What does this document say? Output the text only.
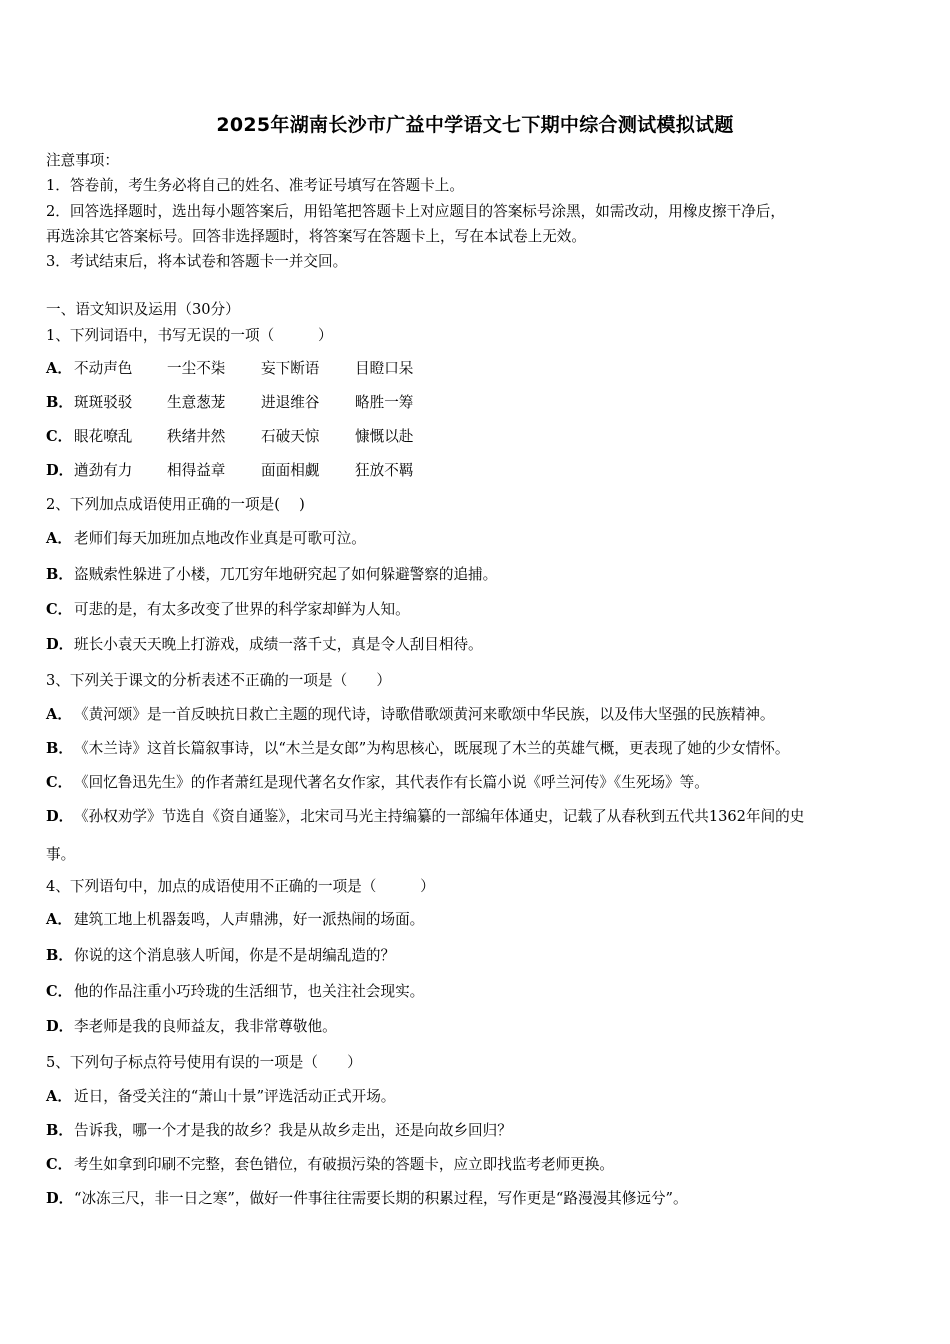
2025年湖南长沙市广益中学语文七下期中综合测试模拟试题
注意事项：
1．答卷前，考生务必将自己的姓名、准考证号填写在答题卡上。
2．回答选择题时，选出每小题答案后，用铅笔把答题卡上对应题目的答案标号涂黑，如需改动，用橡皮擦干净后，
再选涂其它答案标号。回答非选择题时，将答案写在答题卡上，写在本试卷上无效。
3．考试结束后，将本试卷和答题卡一并交回。
一、语文知识及运用（30分）
1、下列词语中，书写无误的一项（　　　）
A． 不动声色 一尘不柒 妄下断语 目瞪口呆
B．斑斑驳驳 生意葱茏 进退维谷 略胜一筹
C． 眼花嘹乱 秩绪井然 石破天惊 慷慨以赴
D．遒劲有力 相得益章 面面相觑 狂放不羁
2、下列加点成语使用正确的一项是(　 )
A． 老师们每天加班加点地改作业真是可歌可泣。
B．盗贼索性躲进了小楼，兀兀穷年地研究起了如何躲避警察的追捕。
C． 可悲的是，有太多改变了世界的科学家却鲜为人知。
D．班长小袁天天晚上打游戏，成绩一落千丈，真是令人刮目相待。
3、下列关于课文的分析表述不正确的一项是（　　）
A． 《黄河颂》是一首反映抗日救亡主题的现代诗，诗歌借歌颂黄河来歌颂中华民族，以及伟大坚强的民族精神。
B．《木兰诗》这首长篇叙事诗，以“木兰是女郎”为构思核心，既展现了木兰的英雄气概，更表现了她的少女情怀。
C． 《回忆鲁迅先生》的作者萧红是现代著名女作家，其代表作有长篇小说《呼兰河传》《生死场》等。
D．《孙权劝学》节选自《资自通鉴》，北宋司马光主持编纂的一部编年体通史，记载了从春秋到五代共1362年间的史
事。
4、下列语句中，加点的成语使用不正确的一项是（　　　）
A． 建筑工地上机器轰鸣，人声鼎沸，好一派热闹的场面。
B．你说的这个消息骇人听闻，你是不是胡编乱造的？
C． 他的作品注重小巧玲珑的生活细节，也关注社会现实。
D．李老师是我的良师益友，我非常尊敬他。
5、下列句子标点符号使用有误的一项是（　　）
A． 近日，备受关注的“萧山十景”评选活动正式开场。
B．告诉我，哪一个才是我的故乡？我是从故乡走出，还是向故乡回归？
C． 考生如拿到印刷不完整，套色错位，有破损污染的答题卡，应立即找监考老师更换。
D．“冰冻三尺，非一日之寒”，做好一件事往往需要长期的积累过程，写作更是“路漫漫其修远兮”。
